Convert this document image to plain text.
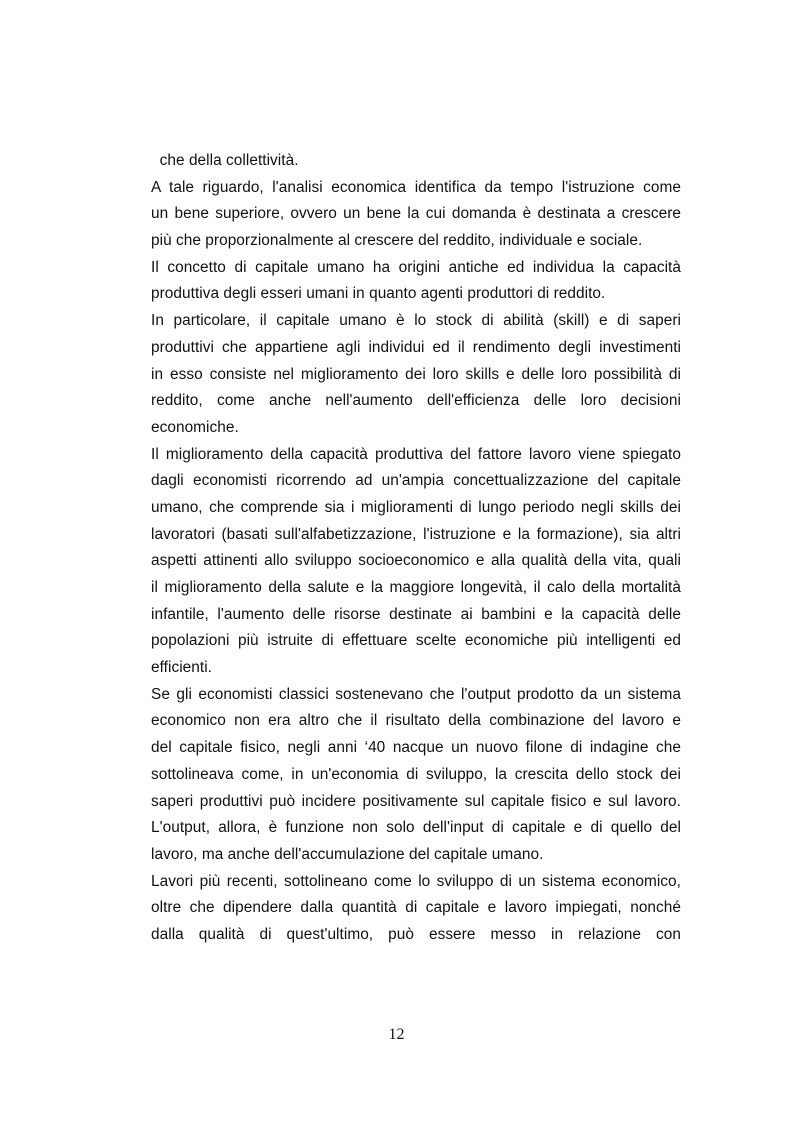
che della collettività.
A tale riguardo, l'analisi economica identifica da tempo l'istruzione come
un bene superiore, ovvero un bene la cui domanda è destinata a crescere
più che proporzionalmente al crescere del reddito, individuale e sociale.
Il concetto di capitale umano ha origini antiche ed individua la capacità
produttiva degli esseri umani in quanto agenti produttori di reddito.
In particolare, il capitale umano è lo stock di abilità (skill) e di saperi
produttivi che appartiene agli individui ed il rendimento degli investimenti
in esso consiste nel miglioramento dei loro skills e delle loro possibilità di
reddito, come anche nell'aumento dell'efficienza delle loro decisioni
economiche.
Il miglioramento della capacità produttiva del fattore lavoro viene spiegato
dagli economisti ricorrendo ad un'ampia concettualizzazione del capitale
umano, che comprende sia i miglioramenti di lungo periodo negli skills dei
lavoratori (basati sull'alfabetizzazione, l'istruzione e la formazione), sia altri
aspetti attinenti allo sviluppo socioeconomico e alla qualità della vita, quali
il miglioramento della salute e la maggiore longevità, il calo della mortalità
infantile, l'aumento delle risorse destinate ai bambini e la capacità delle
popolazioni più istruite di effettuare scelte economiche più intelligenti ed
efficienti.
Se gli economisti classici sostenevano che l'output prodotto da un sistema
economico non era altro che il risultato della combinazione del lavoro e
del capitale fisico, negli anni ‘40 nacque un nuovo filone di indagine che
sottolineava come, in un'economia di sviluppo, la crescita dello stock dei
saperi produttivi può incidere positivamente sul capitale fisico e sul lavoro.
L'output, allora, è funzione non solo dell'input di capitale e di quello del
lavoro, ma anche dell'accumulazione del capitale umano.
Lavori più recenti, sottolineano come lo sviluppo di un sistema economico,
oltre che dipendere dalla quantità di capitale e lavoro impiegati, nonché
dalla qualità di quest'ultimo, può essere messo in relazione con
12
